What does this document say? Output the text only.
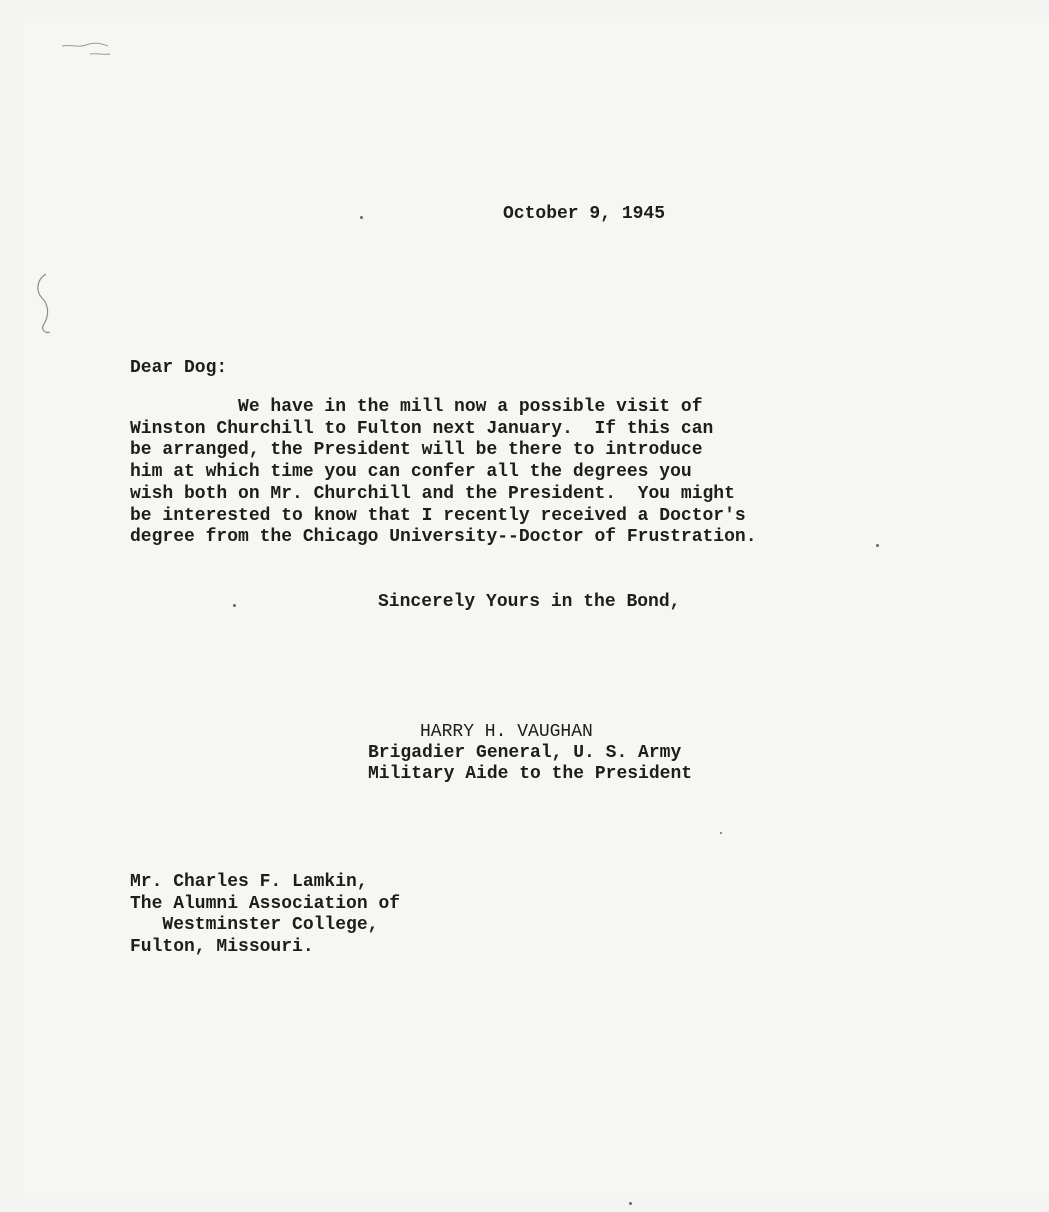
October 9, 1945
Dear Dog:
We have in the mill now a possible visit of
Winston Churchill to Fulton next January.  If this can
be arranged, the President will be there to introduce
him at which time you can confer all the degrees you
wish both on Mr. Churchill and the President.  You might
be interested to know that I recently received a Doctor's
degree from the Chicago University--Doctor of Frustration.
Sincerely Yours in the Bond,
HARRY H. VAUGHAN
Brigadier General, U. S. Army
Military Aide to the President
Mr. Charles F. Lamkin,
The Alumni Association of
Westminster College,
Fulton, Missouri.
